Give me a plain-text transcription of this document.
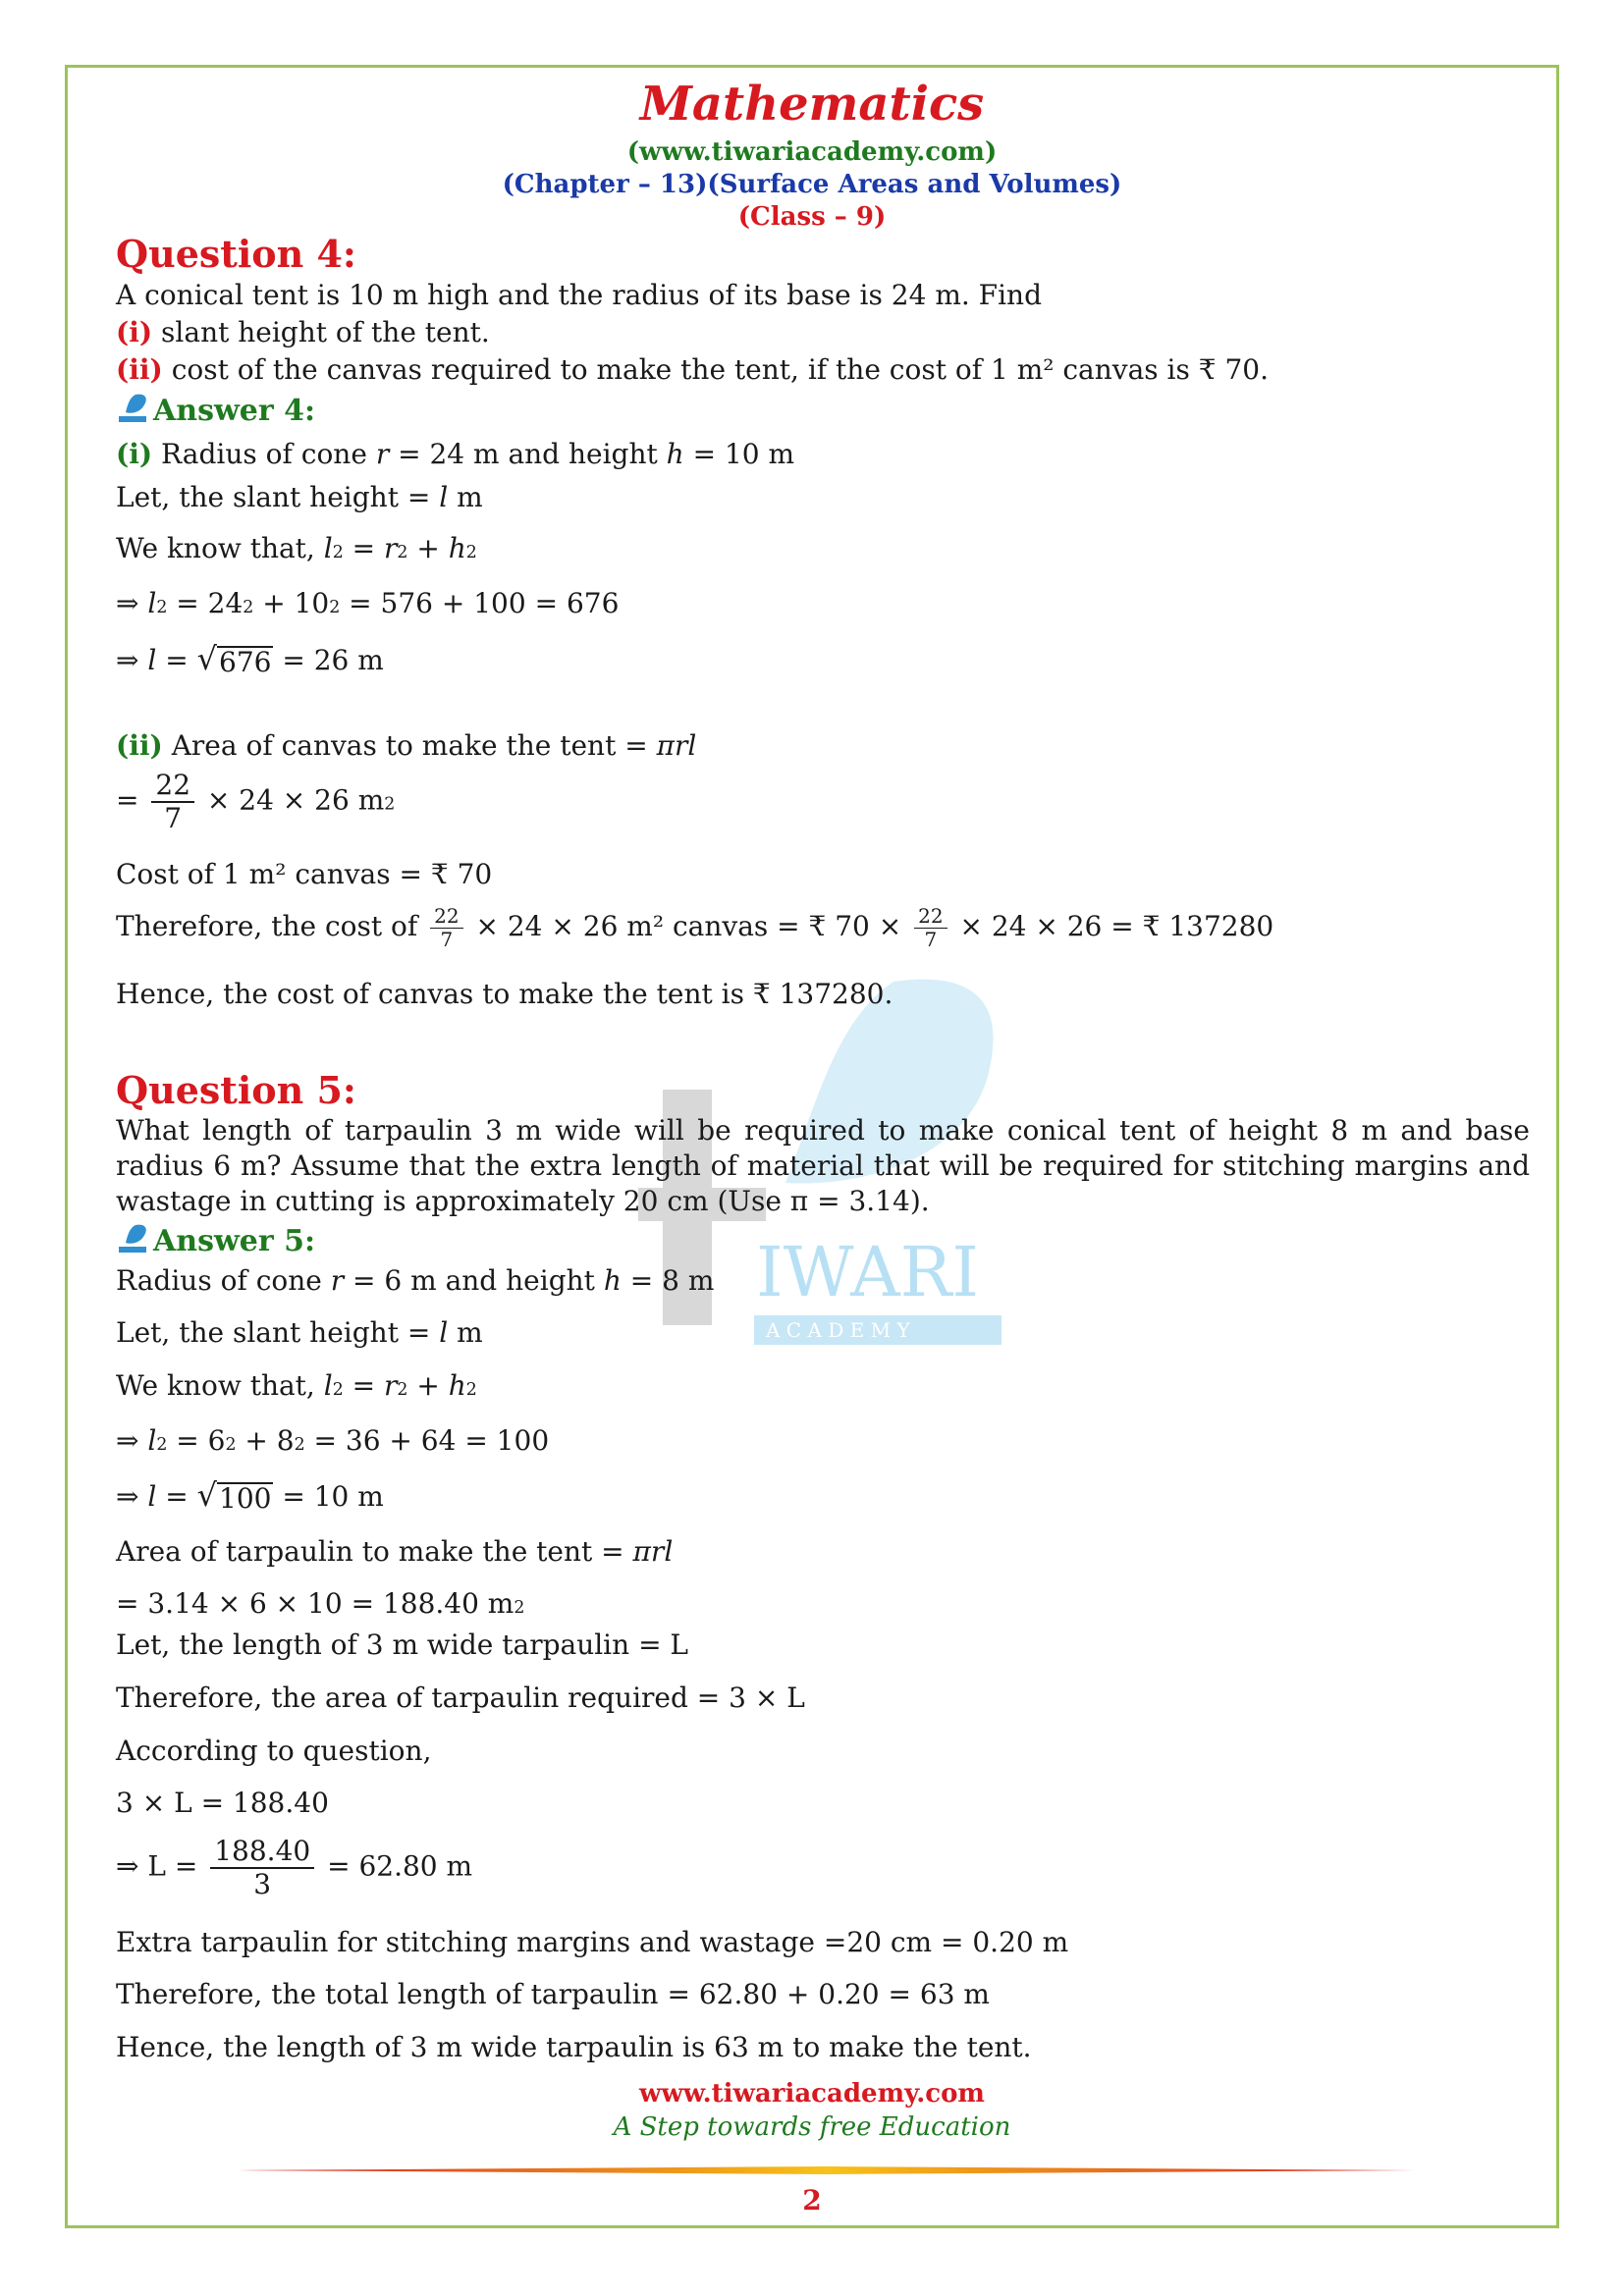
IWARI
A C A D E M Y
Mathematics
(www.tiwariacademy.com)
(Chapter – 13)(Surface Areas and Volumes)
(Class – 9)
Question 4:
A conical tent is 10 m high and the radius of its base is 24 m. Find
(i) slant height of the tent.
(ii) cost of the canvas required to make the tent, if the cost of 1 m² canvas is ₹ 70.
Answer 4:
(i) Radius of cone r = 24 m and height h = 10 m
Let, the slant height = l m
We know that, $l^2 = r^2 + h^2$
⇒ $l^2 = 24^2 + 10^2 = 576 + 100 = 676$
⇒ l = √ 676 = 26 m
(ii) Area of canvas to make the tent = πrl
= $\frac{22}{7} \times 24 \times 26$ $m^2$
Cost of 1 m² canvas = ₹ 70
Therefore, the cost of $\frac{22}{7} \times 24 \times 26$ m² canvas = ₹ $70 \times \frac{22}{7} \times 24 \times 26$ = ₹ 137280
Hence, the cost of canvas to make the tent is ₹ 137280.
Question 5:
What length of tarpaulin 3 m wide will be required to make conical tent of height 8 m and base radius 6 m? Assume that the extra length of material that will be required for stitching margins and wastage in cutting is approximately 20 cm (Use π = 3.14).
Answer 5:
Radius of cone r = 6 m and height h = 8 m
Let, the slant height = l m
We know that, $l^2 = r^2 + h^2$
⇒ $l^2 = 6^2 + 8^2 = 36 + 64 = 100$
⇒ l = √ 100 = 10 m
Area of tarpaulin to make the tent = πrl
= 3.14 × 6 × 10 = 188.40 $m^2$
Let, the length of 3 m wide tarpaulin = L
Therefore, the area of tarpaulin required = 3 × L
According to question,
3 × L = 188.40
⇒ $L = \frac{188.40}{3} = 62.80$ m
Extra tarpaulin for stitching margins and wastage =20 cm = 0.20 m
Therefore, the total length of tarpaulin = 62.80 + 0.20 = 63 m
Hence, the length of 3 m wide tarpaulin is 63 m to make the tent.
www.tiwariacademy.com
A Step towards free Education
2
